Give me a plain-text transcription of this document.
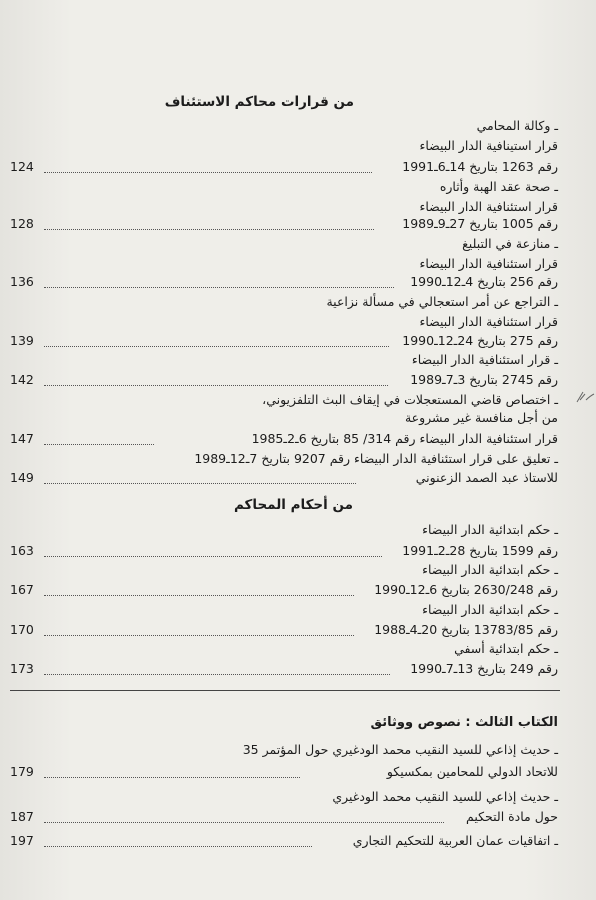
من قرارات محاكم الاستئناف
ـ وكالة المحامي
قرار استينافية الدار البيضاء
رقم 1263 بتاريخ 14ـ6ـ1991
124
ـ صحة عقد الهبة وأثاره
قرار استئنافية الدار البيضاء
رقم 1005 بتاريخ 27ـ9ـ1989
128
ـ منازعة في التبليغ
قرار استئنافية الدار البيضاء
رقم 256 بتاريخ 4ـ12ـ1990
136
ـ التراجع عن أمر استعجالي في مسألة نزاعية
قرار استئنافية الدار البيضاء
رقم 275 بتاريخ 24ـ12ـ1990
139
ـ قرار استئنافية الدار البيضاء
رقم 2745 بتاريخ 3ـ7ـ1989
142
ـ اختصاص قاضي المستعجلات في إيقاف البث التلفزيوني،
من أجل منافسة غير مشروعة
قرار استئنافية الدار البيضاء رقم 314/ 85 بتاريخ 6ـ2ـ1985
147
ـ تعليق على قرار استئنافية الدار البيضاء رقم 9207 بتاريخ 7ـ12ـ1989
للاستاذ عبد الصمد الزعنوني
149
من أحكام المحاكم
ـ حكم ابتدائية الدار البيضاء
رقم 1599 بتاريخ 28ـ2ـ1991
163
ـ حكم ابتدائية الدار البيضاء
رقم 2630/248 بتاريخ 6ـ12ـ1990
167
ـ حكم ابتدائية الدار البيضاء
رقم 13783/85 بتاريخ 20ـ4ـ1988
170
ـ حكم ابتدائية أسفي
رقم 249 بتاريخ 13ـ7ـ1990
173
الكتاب الثالث : نصوص ووثائق
ـ حديث إذاعي للسيد النقيب محمد الودغيري حول المؤتمر 35
للاتحاد الدولي للمحامين بمكسيكو
179
ـ حديث إذاعي للسيد النقيب محمد الودغيري
حول مادة التحكيم
187
ـ اتفاقيات عمان العربية للتحكيم التجاري
197
